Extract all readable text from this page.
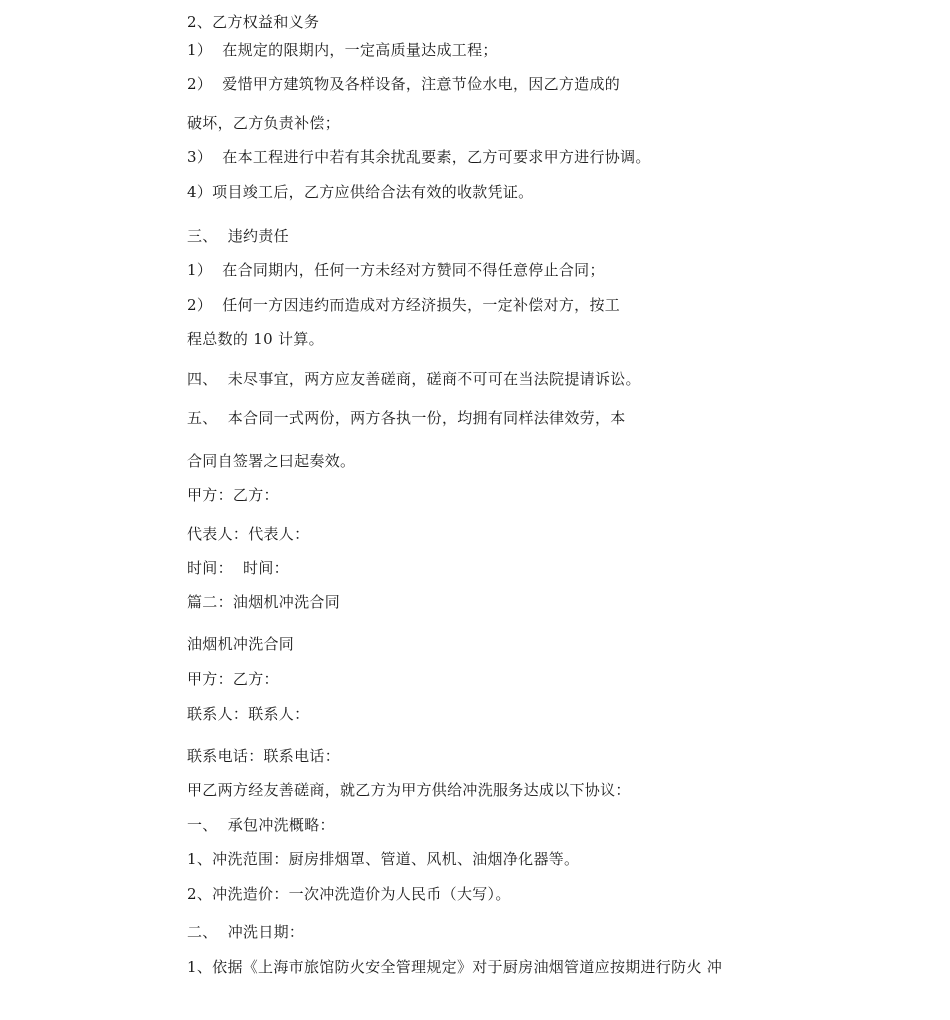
2、乙方权益和义务
1）  在规定的限期内，一定高质量达成工程；
2）  爱惜甲方建筑物及各样设备，注意节俭水电，因乙方造成的
破坏，乙方负责补偿；
3）  在本工程进行中若有其余扰乱要素，乙方可要求甲方进行协调。
4）项目竣工后，乙方应供给合法有效的收款凭证。
三、  违约责任
1）  在合同期内，任何一方未经对方赞同不得任意停止合同；
2）  任何一方因违约而造成对方经济损失，一定补偿对方，按工
程总数的 10 计算。
四、  未尽事宜，两方应友善磋商，磋商不可可在当法院提请诉讼。
五、  本合同一式两份，两方各执一份，均拥有同样法律效劳，本
合同自签署之曰起奏效。
甲方：乙方：
代表人：代表人：
时间：  时间：
篇二：油烟机冲洗合同
油烟机冲洗合同
甲方：乙方：
联系人：联系人：
联系电话：联系电话：
甲乙两方经友善磋商，就乙方为甲方供给冲洗服务达成以下协议：
一、  承包冲洗概略：
1、冲洗范围：厨房排烟罩、管道、风机、油烟净化器等。
2、冲洗造价：一次冲洗造价为人民币（大写）。
二、  冲洗日期：
1、依据《上海市旅馆防火安全管理规定》对于厨房油烟管道应按期进行防火 冲
